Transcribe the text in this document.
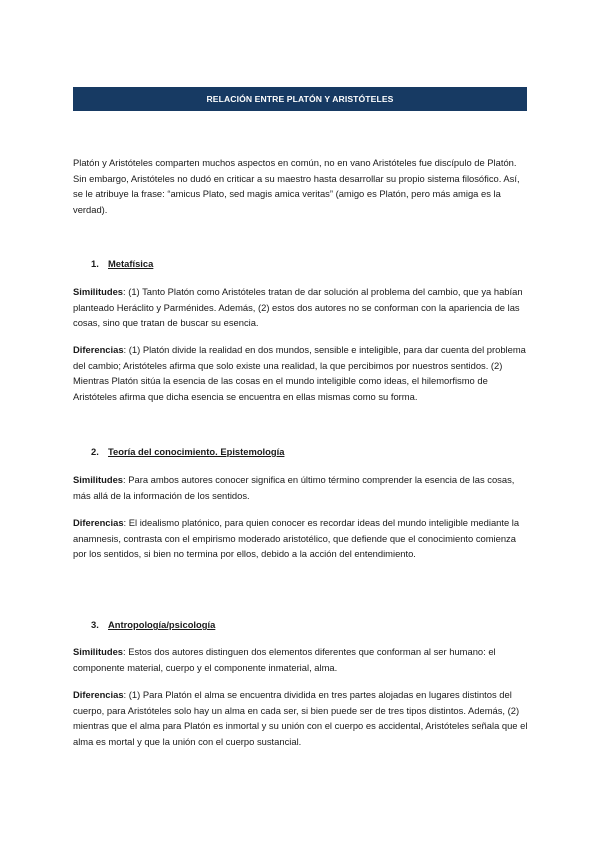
RELACIÓN ENTRE PLATÓN Y ARISTÓTELES

Platón y Aristóteles comparten muchos aspectos en común, no en vano Aristóteles fue discípulo de Platón. Sin embargo, Aristóteles no dudó en criticar a su maestro hasta desarrollar su propio sistema filosófico. Así, se le atribuye la frase: “amicus Plato, sed magis amica veritas” (amigo es Platón, pero más amiga es la verdad).

1. Metafísica

Similitudes: (1) Tanto Platón como Aristóteles tratan de dar solución al problema del cambio, que ya habían planteado Heráclito y Parménides. Además, (2) estos dos autores no se conforman con la apariencia de las cosas, sino que tratan de buscar su esencia.

Diferencias: (1) Platón divide la realidad en dos mundos, sensible e inteligible, para dar cuenta del problema del cambio; Aristóteles afirma que solo existe una realidad, la que percibimos por nuestros sentidos. (2) Mientras Platón sitúa la esencia de las cosas en el mundo inteligible como ideas, el hilemorfismo de Aristóteles afirma que dicha esencia se encuentra en ellas mismas como su forma.

2. Teoría del conocimiento. Epistemología

Similitudes: Para ambos autores conocer significa en último término comprender la esencia de las cosas, más allá de la información de los sentidos.

Diferencias: El idealismo platónico, para quien conocer es recordar ideas del mundo inteligible mediante la anamnesis, contrasta con el empirismo moderado aristotélico, que defiende que el conocimiento comienza por los sentidos, si bien no termina por ellos, debido a la acción del entendimiento.

3. Antropología/psicología

Similitudes: Estos dos autores distinguen dos elementos diferentes que conforman al ser humano: el componente material, cuerpo y el componente inmaterial, alma.

Diferencias: (1) Para Platón el alma se encuentra dividida en tres partes alojadas en lugares distintos del cuerpo, para Aristóteles solo hay un alma en cada ser, si bien puede ser de tres tipos distintos. Además, (2) mientras que el alma para Platón es inmortal y su unión con el cuerpo es accidental, Aristóteles señala que el alma es mortal y que la unión con el cuerpo sustancial.
